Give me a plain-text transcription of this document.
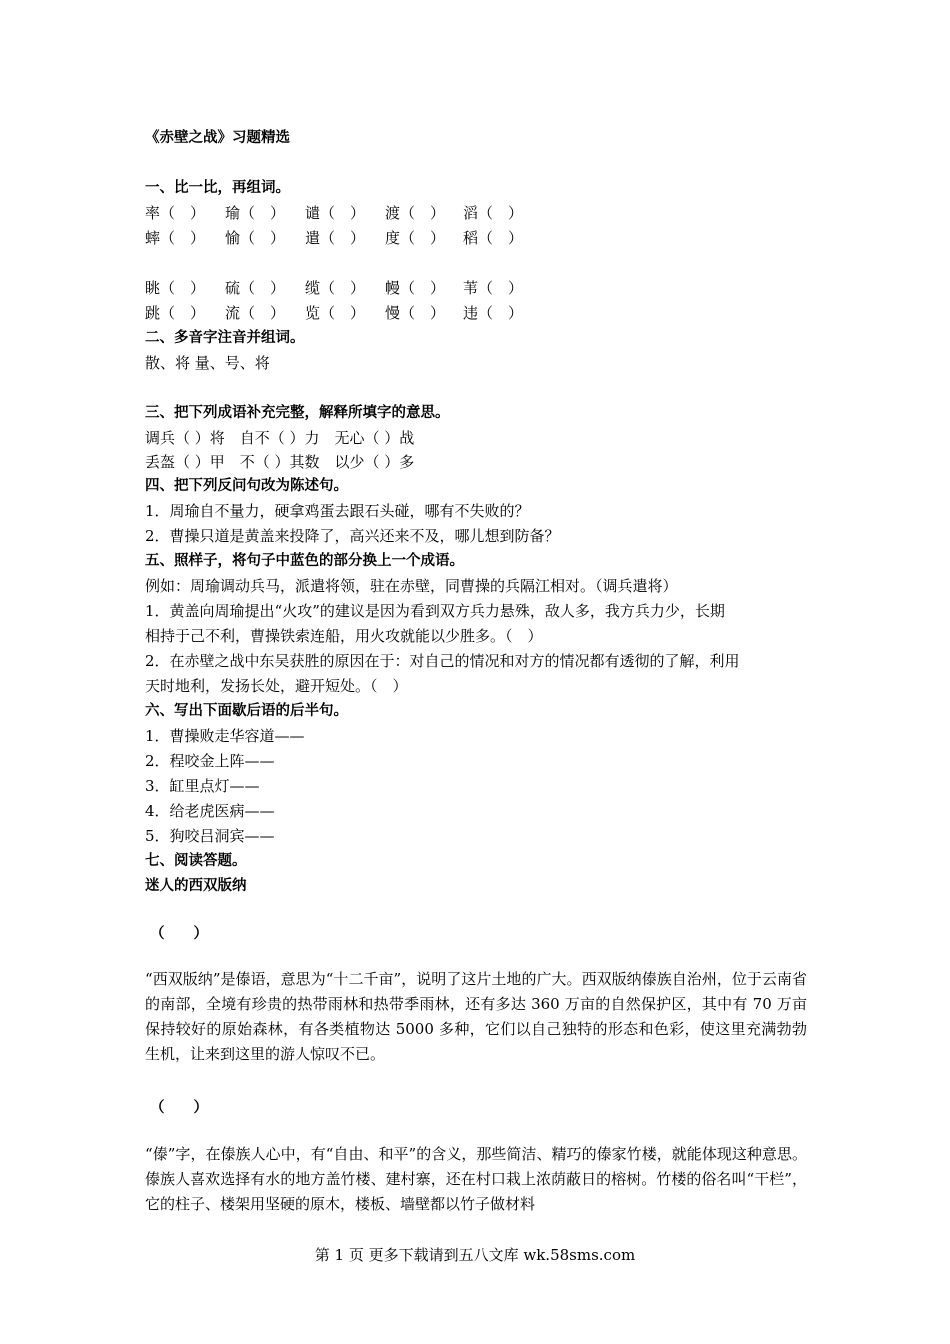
《赤壁之战》习题精选
一、比一比，再组词。
率（　） 瑜（　） 谴（　） 渡（　） 滔（　）
蟀（　） 愉（　） 遣（　） 度（　） 稻（　）
眺（　） 硫（　） 缆（　） 幔（　） 苇（　）
跳（　） 流（　） 览（　） 慢（　） 违（　）
二、多音字注音并组词。
散、将 量、号、将
三、把下列成语补充完整，解释所填字的意思。
调兵（ ）将　自不（ ）力　无心（ ）战
丢盔（ ）甲　不（ ）其数　以少（ ）多
四、把下列反问句改为陈述句。
1．周瑜自不量力，硬拿鸡蛋去跟石头碰，哪有不失败的？
2．曹操只道是黄盖来投降了，高兴还来不及，哪儿想到防备？
五、照样子，将句子中蓝色的部分换上一个成语。
例如：周瑜调动兵马，派遣将领，驻在赤壁，同曹操的兵隔江相对。（调兵遣将）
1．黄盖向周瑜提出“火攻”的建议是因为看到双方兵力悬殊，敌人多，我方兵力少，长期
相持于己不利，曹操铁索连船，用火攻就能以少胜多。（　）
2．在赤壁之战中东吴获胜的原因在于：对自己的情况和对方的情况都有透彻的了解，利用
天时地利，发扬长处，避开短处。（　）
六、写出下面歇后语的后半句。
1．曹操败走华容道——
2．程咬金上阵——
3．缸里点灯——
4．给老虎医病——
5．狗咬吕洞宾——
七、阅读答题。
迷人的西双版纳
（　　）
“西双版纳”是傣语，意思为“十二千亩”，说明了这片土地的广大。西双版纳傣族自治州，位于云南省的南部，全境有珍贵的热带雨林和热带季雨林，还有多达 360 万亩的自然保护区，其中有 70 万亩保持较好的原始森林，有各类植物达 5000 多种，它们以自己独特的形态和色彩，使这里充满勃勃生机，让来到这里的游人惊叹不已。
（　　）
“傣”字，在傣族人心中，有“自由、和平”的含义，那些简洁、精巧的傣家竹楼，就能体现这种意思。傣族人喜欢选择有水的地方盖竹楼、建村寨，还在村口栽上浓荫蔽日的榕树。竹楼的俗名叫“干栏”，它的柱子、楼架用坚硬的原木，楼板、墙壁都以竹子做材料
第 1 页 更多下载请到五八文库 wk.58sms.com
